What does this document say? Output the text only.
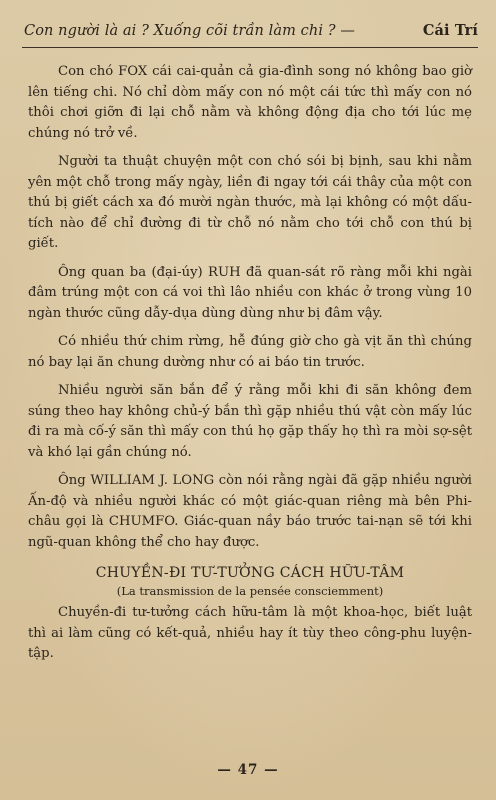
Con người là ai ? Xuống cõi trần làm chi ? —	Cái Trí

Con chó FOX cái cai-quản cả gia-đình song nó không bao giờ lên tiếng chi. Nó chỉ dòm mấy con nó một cái tức thì mấy con nó thôi chơi giỡn đi lại chỗ nằm và không động địa cho tới lúc mẹ chúng nó trở về.

Người ta thuật chuyện một con chó sói bị bịnh, sau khi nằm yên một chỗ trong mấy ngày, liền đi ngay tới cái thây của một con thú bị giết cách xa đó mười ngàn thước, mà lại không có một dấu-tích nào để chỉ đường đi từ chỗ nó nằm cho tới chỗ con thú bị giết.

Ông quan ba (đại-úy) RUH đã quan-sát rõ ràng mỗi khi ngài đâm trúng một con cá voi thì lâo nhiều con khác ở trong vùng 10 ngàn thước cũng dẫy-dụa dùng dùng như bị đâm vậy.

Có nhiều thứ chim rừng, hễ đúng giờ cho gà vịt ăn thì chúng nó bay lại ăn chung dường như có ai báo tin trước.

Nhiều người săn bắn để ý rằng mỗi khi đi săn không đem súng theo hay không chủ-ý bắn thì gặp nhiều thú vật còn mấy lúc đi ra mà cố-ý săn thì mấy con thú họ gặp thấy họ thì ra mòi sợ-sệt và khó lại gần chúng nó.

Ông WILLIAM J. LONG còn nói rằng ngài đã gặp nhiều người Ấn-độ và nhiều người khác có một giác-quan riêng mà bên Phi-châu gọi là CHUMFO. Giác-quan nầy báo trước tai-nạn sẽ tới khi ngũ-quan không thể cho hay được.

CHUYỀN-ĐI TƯ-TƯỞNG CÁCH HỮU-TÂM
(La transmission de la pensée consciemment)

Chuyền-đi tư-tưởng cách hữu-tâm là một khoa-học, biết luật thì ai làm cũng có kết-quả, nhiều hay ít tùy theo công-phu luyện-tập.

— 47 —
